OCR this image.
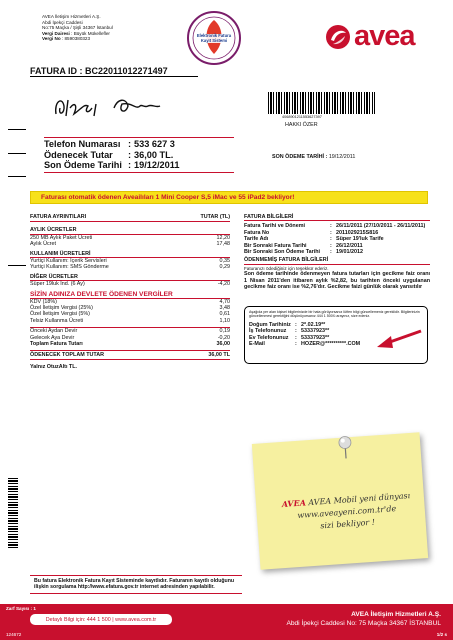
AVEA İletişim Hizmetleri A.Ş.
Abdi İpekçi Caddesi
No:75 Maçka / Şişli 34367 İstanbul
Vergi Dairesi : Büyük Mükellefler
Vergi No : 8590380323
Elektronik Fatura
Kayıt Sistemi	avea
FATURA ID : BC22011012271497
4068901211553627397
HAKKI ÖZER
Telefon Numarası : 533 627 3
Ödenecek Tutar	: 36,00 TL.
Son Ödeme Tarihi : 19/12/2011
SON ÖDEME TARİHİ : 19/12/2011
Faturası otomatik ödenen Aveailıları 1 Mini Cooper S,5 iMac ve 55 iPad2 bekliyor!
FATURA AYRINTILARI	TUTAR (TL)
AYLIK ÜCRETLER
250 MB Aylık Paket Ücreti	12,20
Aylık Ücret	17,48
KULLANIM ÜCRETLERİ
Yurtiçi Kullanım: İçerik Servisleri	0,35
Yurtiçi Kullanım: SMS Gönderme	0,29
DİĞER ÜCRETLER
Süper 19luk İnd. (6 Ay)	-4,20
SİZİN ADINIZA DEVLETE ÖDENEN VERGİLER
KDV (18%)	4,70
Özel İletişim Vergisi (25%)	3,48
Özel İletişim Vergisi (5%)	0,61
Telsiz Kullanma Ücreti	1,10
Önceki Aydan Devir	0,19
Gelecek Aya Devir	-0,20
Toplam Fatura Tutarı	36,00
ÖDENECEK TOPLAM TUTAR	36,00 TL
Yalnız OtuzAltı TL.
FATURA BİLGİLERİ
Fatura Tarihi ve Dönemi	: 26/11/2011 (27/10/2011 - 26/11/2011)
Fatura No	: 2011029215S816
Tarife Adı	: Süper 19'luk Tarife
Bir Sonraki Fatura Tarihi	: 26/12/2011
Bir Sonraki Son Ödeme Tarihi	: 19/01/2012
ÖDENMEMİŞ FATURA BİLGİLERİ
Faturanızı ödediğiniz için teşekkür ederiz.
Son ödeme tarihinde ödenmeyen fatura tutarları için gecikme faiz oranı 1 Nisan 2011'den itibaren aylık %2,82, bu tarihten önceki uygulanan gecikme faiz oranı ise %2,76'dır. Gecikme faizi günlük olarak yansıtılır
Aşağıda yer alan kişisel bilgilerinizde bir hata görüyorsanız lütfen bilgi güncellemeniz gereklidir. Bilgilerinizin güncellenmesi gerektiğini düşünüyorsanız 444 1 500'ü arayınız, size edeniz.
Doğum Tarihiniz : 2*.02.19**
İş Telefonunuz	: 53337923**
Ev Telefonunuz	: 53337923**
E-Mail	: HOZER@**********.COM
AVEA AVEA Mobil yeni dünyası
www.aveayeni.com.tr'de
sizi bekliyor !
Bu fatura Elektronik Fatura Kayıt Sisteminde kayıtlıdır. Faturanın kayıtlı olduğunu ilişkin sorgulama http://www.efatura.gov.tr internet adresinden yapılabilir.
Zarf Sayısı : 1
Detaylı Bilgi için: 444 1 500 | www.avea.com.tr
124672
AVEA İletişim Hizmetleri A.Ş.
Abdi İpekçi Caddesi No: 75 Maçka 34367 İSTANBUL
1/2 s
